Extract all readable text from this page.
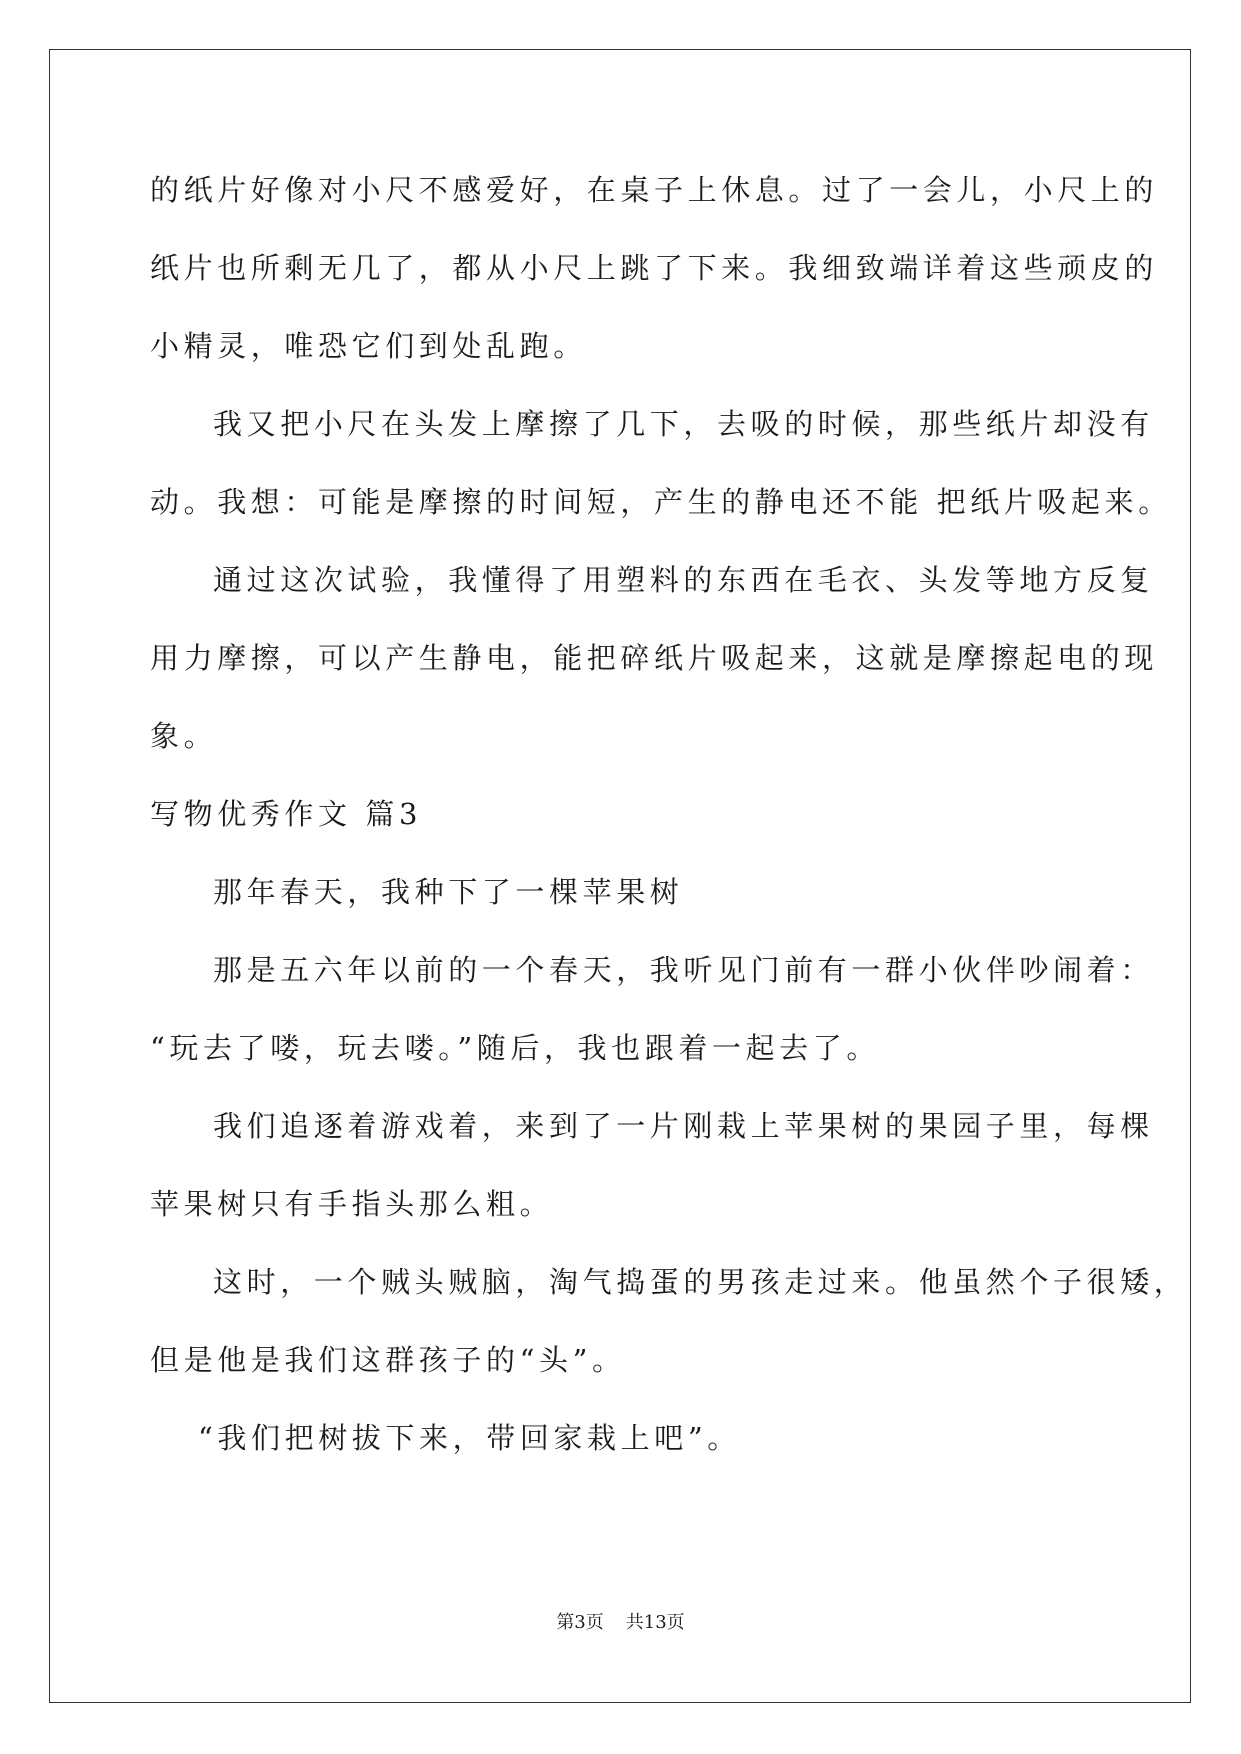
的纸片好像对小尺不感爱好，在桌子上休息。过了一会儿，小尺上的
纸片也所剩无几了，都从小尺上跳了下来。我细致端详着这些顽皮的
小精灵，唯恐它们到处乱跑。
我又把小尺在头发上摩擦了几下，去吸的时候，那些纸片却没有
动。我想：可能是摩擦的时间短，产生的静电还不能 把纸片吸起来。
通过这次试验，我懂得了用塑料的东西在毛衣、头发等地方反复
用力摩擦，可以产生静电，能把碎纸片吸起来，这就是摩擦起电的现
象。
写物优秀作文 篇3
那年春天，我种下了一棵苹果树
那是五六年以前的一个春天，我听见门前有一群小伙伴吵闹着：
“玩去了喽，玩去喽。”随后，我也跟着一起去了。
我们追逐着游戏着，来到了一片刚栽上苹果树的果园子里，每棵
苹果树只有手指头那么粗。
这时，一个贼头贼脑，淘气捣蛋的男孩走过来。他虽然个子很矮，
但是他是我们这群孩子的“头”。
“我们把树拔下来，带回家栽上吧”。
第3页 共13页
